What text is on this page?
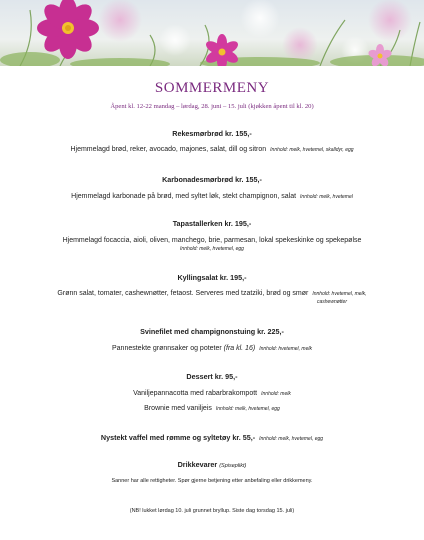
SOMMERMENY
Åpent kl. 12-22 mandag – lørdag, 28. juni – 15. juli (kjøkken åpent til kl. 20)
Rekesmørbrød kr. 155,-
Hjemmelagd brød, reker, avocado, majones, salat, dill og sitron Innhold: melk, hvetemel, skalldyr, egg
Karbonadesmørbrød kr. 155,-
Hjemmelagd karbonade på brød, med syltet løk, stekt champignon, salat Innhold: melk, hvetemel
Tapastallerken kr. 195,-
Hjemmelagd focaccia, aioli, oliven, manchego, brie, parmesan, lokal spekeskinke og spekepølse
Innhold: melk, hvetemel, egg
Kyllingsalat kr. 195,-
Grønn salat, tomater, cashewnøtter, fetaost. Serveres med tzatziki, brød og smør Innhold: hvetemel, melk,
cashewnøtter
Svinefilet med champignonstuing kr. 225,-
Pannestekte grønnsaker og poteter (fra kl. 16) Innhold: hvetemel, melk
Dessert kr. 95,-
Vaniljepannacotta med rabarbrakompott Innhold: melk
Brownie med vaniljeis Innhold: melk, hvetemel, egg
Nystekt vaffel med rømme og syltetøy kr. 55,- Innhold: melk, hvetemel, egg
Drikkevarer (Spiseplikt)
Sanner har alle rettigheter. Spør gjerne betjening etter anbefaling eller drikkemeny.
(NB! lukket lørdag 10. juli grunnet bryllup. Siste dag torsdag 15. juli)
